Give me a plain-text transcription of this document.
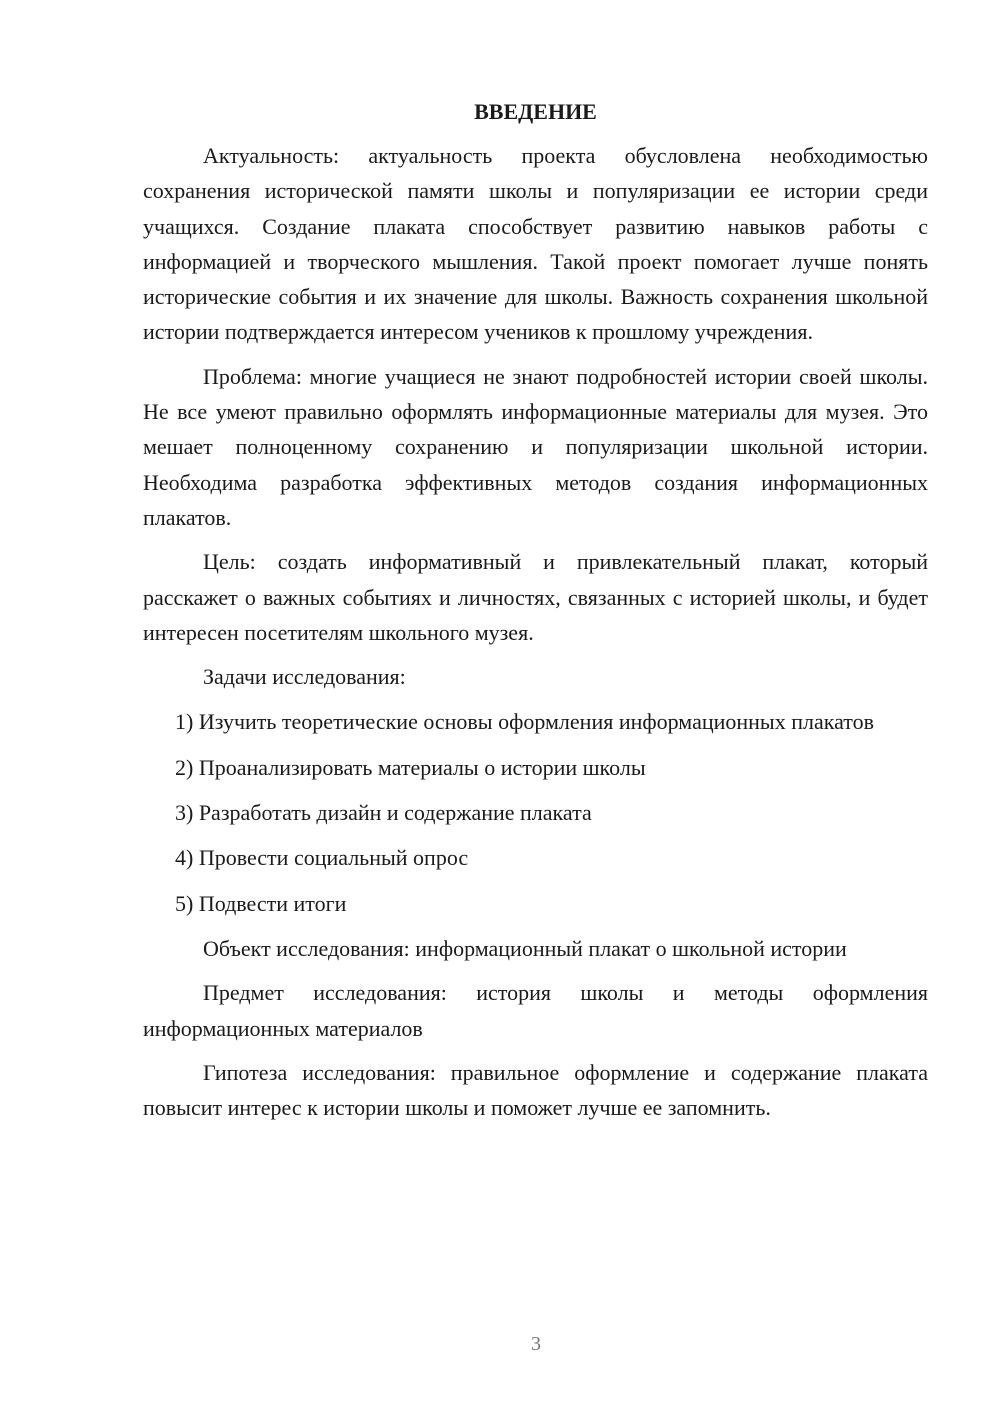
ВВЕДЕНИЕ

Актуальность: актуальность проекта обусловлена необходимостью сохранения исторической памяти школы и популяризации ее истории среди учащихся. Создание плаката способствует развитию навыков работы с информацией и творческого мышления. Такой проект помогает лучше понять исторические события и их значение для школы. Важность сохранения школьной истории подтверждается интересом учеников к прошлому учреждения.

Проблема: многие учащиеся не знают подробностей истории своей школы. Не все умеют правильно оформлять информационные материалы для музея. Это мешает полноценному сохранению и популяризации школьной истории. Необходима разработка эффективных методов создания информационных плакатов.

Цель: создать информативный и привлекательный плакат, который расскажет о важных событиях и личностях, связанных с историей школы, и будет интересен посетителям школьного музея.

Задачи исследования:

1) Изучить теоретические основы оформления информационных плакатов

2) Проанализировать материалы о истории школы

3) Разработать дизайн и содержание плаката

4) Провести социальный опрос

5) Подвести итоги

Объект исследования: информационный плакат о школьной истории

Предмет исследования: история школы и методы оформления информационных материалов

Гипотеза исследования: правильное оформление и содержание плаката повысит интерес к истории школы и поможет лучше ее запомнить.

3
